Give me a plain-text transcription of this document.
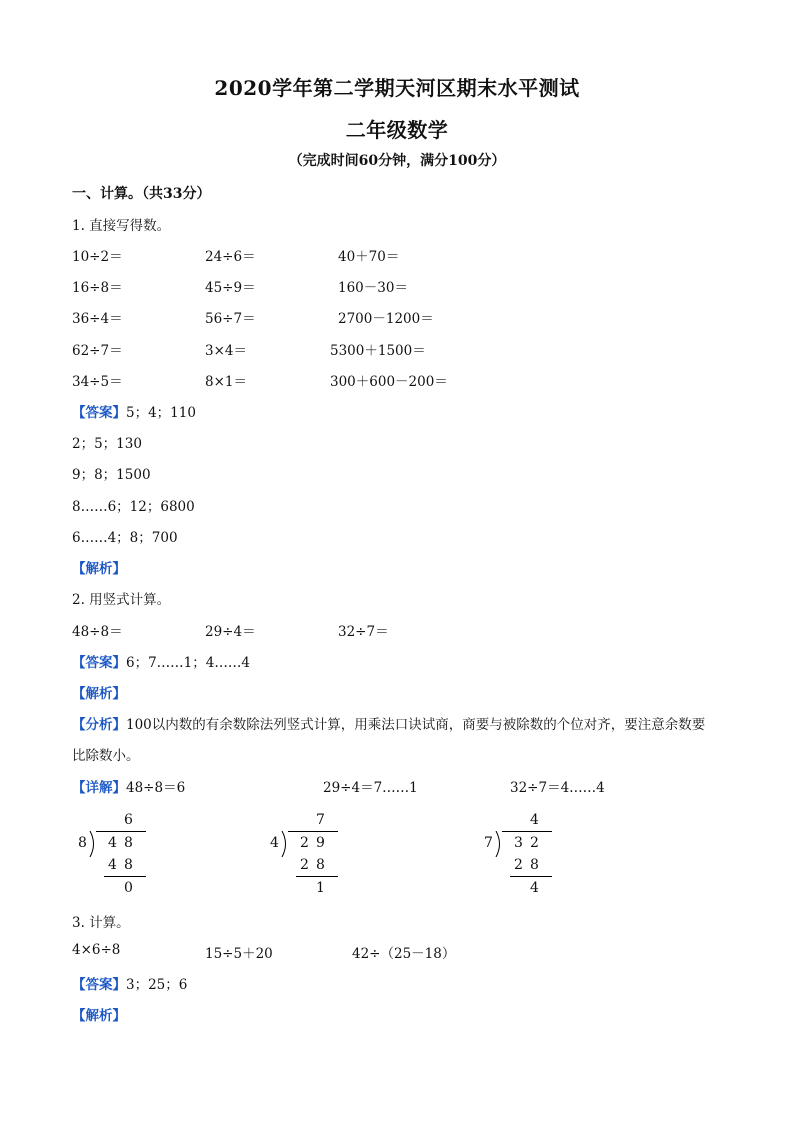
2020学年第二学期天河区期末水平测试
二年级数学
（完成时间60分钟，满分100分）
一、计算。（共33分）
1. 直接写得数。
10÷2＝	24÷6＝	40＋70＝
16÷8＝	45÷9＝	160－30＝
36÷4＝	56÷7＝	2700－1200＝
62÷7＝	3×4＝	5300＋1500＝
34÷5＝	8×1＝	300＋600－200＝
【答案】5；4；110
2；5；130
9；8；1500
8……6；12；6800
6……4；8；700
【解析】
2. 用竖式计算。
48÷8＝	29÷4＝	32÷7＝
【答案】6；7……1；4……4
【解析】
【分析】100以内数的有余数除法列竖式计算，用乘法口诀试商，商要与被除数的个位对齐，要注意余数要
比除数小。
【详解】48÷8＝6	29÷4＝7……1	32÷7＝4……4
6
8 4 8
4 8
0
7
4 2 9
2 8
1
4
7 3 2
2 8
4
3. 计算。
4×6÷8	15÷5＋20	42÷（25－18）
【答案】3；25；6
【解析】
